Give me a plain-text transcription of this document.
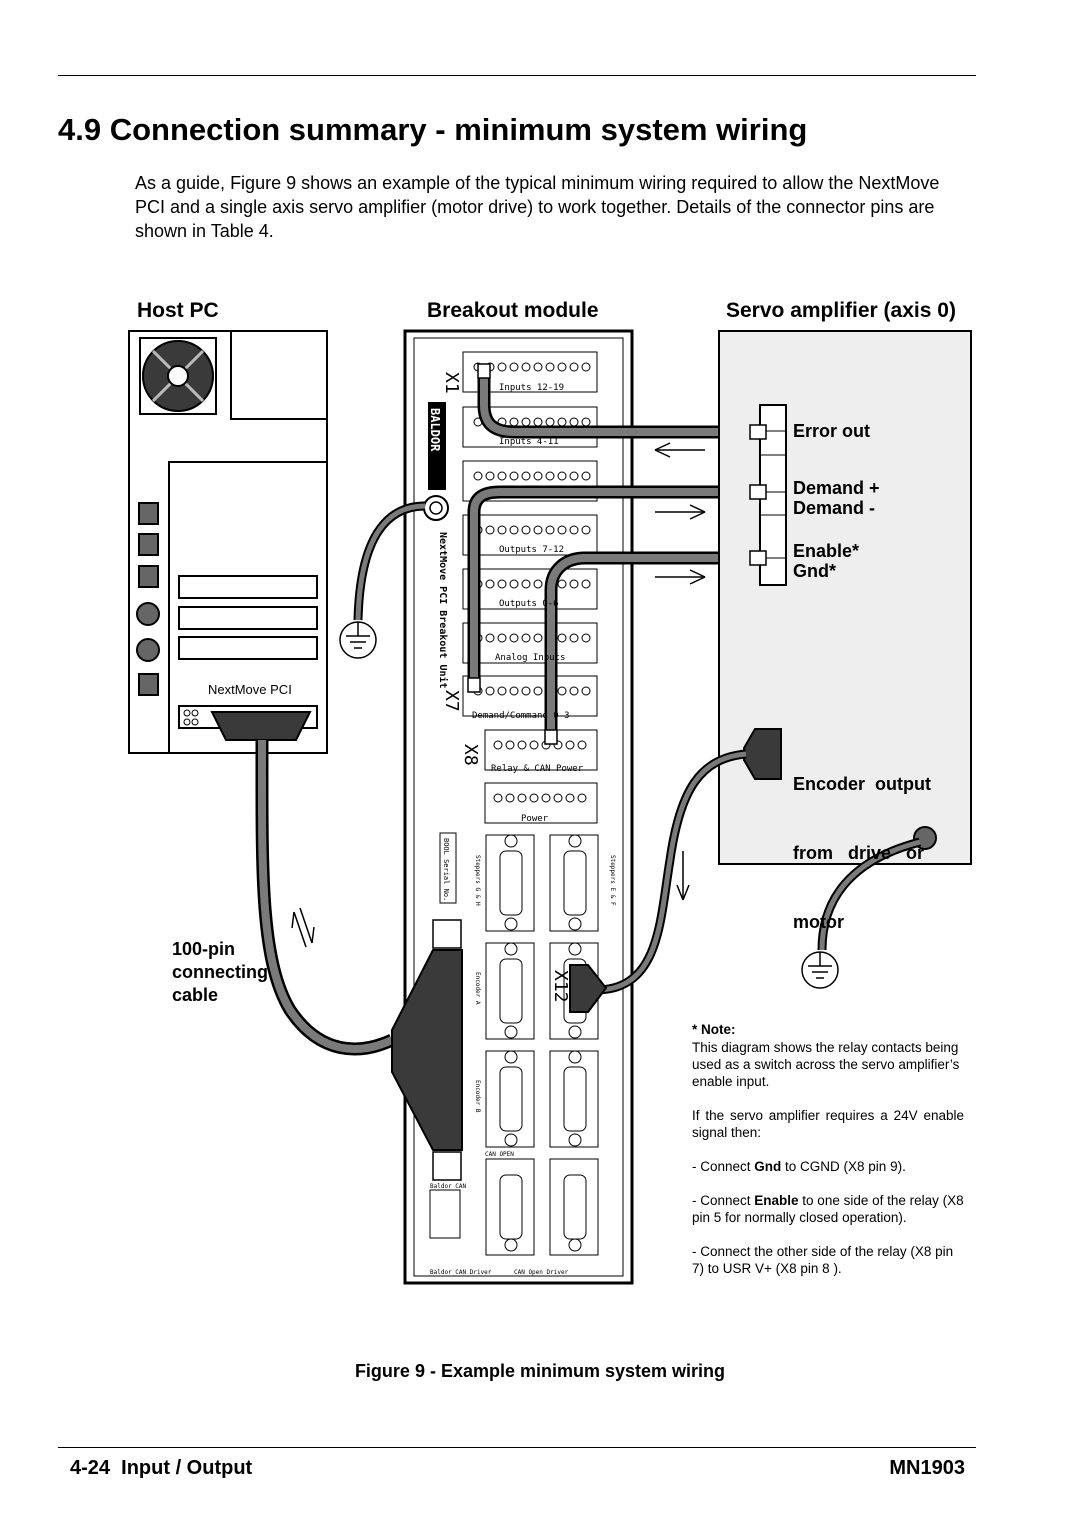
4.9 Connection summary - minimum system wiring
As a guide, Figure 9 shows an example of the typical minimum wiring required to allow the NextMove PCI and a single axis servo amplifier (motor drive) to work together. Details of the connector pins are shown in Table 4.
Host PC	Breakout module	Servo amplifier (axis 0)
X1
X7
X8
X12
BALDOR
NextMove PCI Breakout Unit
Inputs 12-19
Inputs 4-11
Outputs 7-12
Outputs 0-6
Analog Inputs
Demand/Command 0-3
Relay & CAN Power
Power
BOOL Serial No.	Steppers G & H	Steppers E & F
Encoder A
Encoder B
CAN OPEN
Baldor CAN
Baldor CAN Driver	CAN Open Driver
NextMove PCI
100-pin
connecting
cable
Error out
Demand +
Demand -
Enable*
Gnd*

Encoder  output

from   drive   or

motor

* Note:
This diagram shows the relay contacts being used as a switch across the servo amplifier’s enable input.
If the servo amplifier requires a 24V enable signal then:
- Connect Gnd to CGND (X8 pin 9).
- Connect Enable to one side of the relay (X8 pin 5 for normally closed operation).
- Connect the other side of the relay (X8 pin 7) to USR V+ (X8 pin 8 ).
Figure 9 - Example minimum system wiring
4-24  Input / Output	MN1903
